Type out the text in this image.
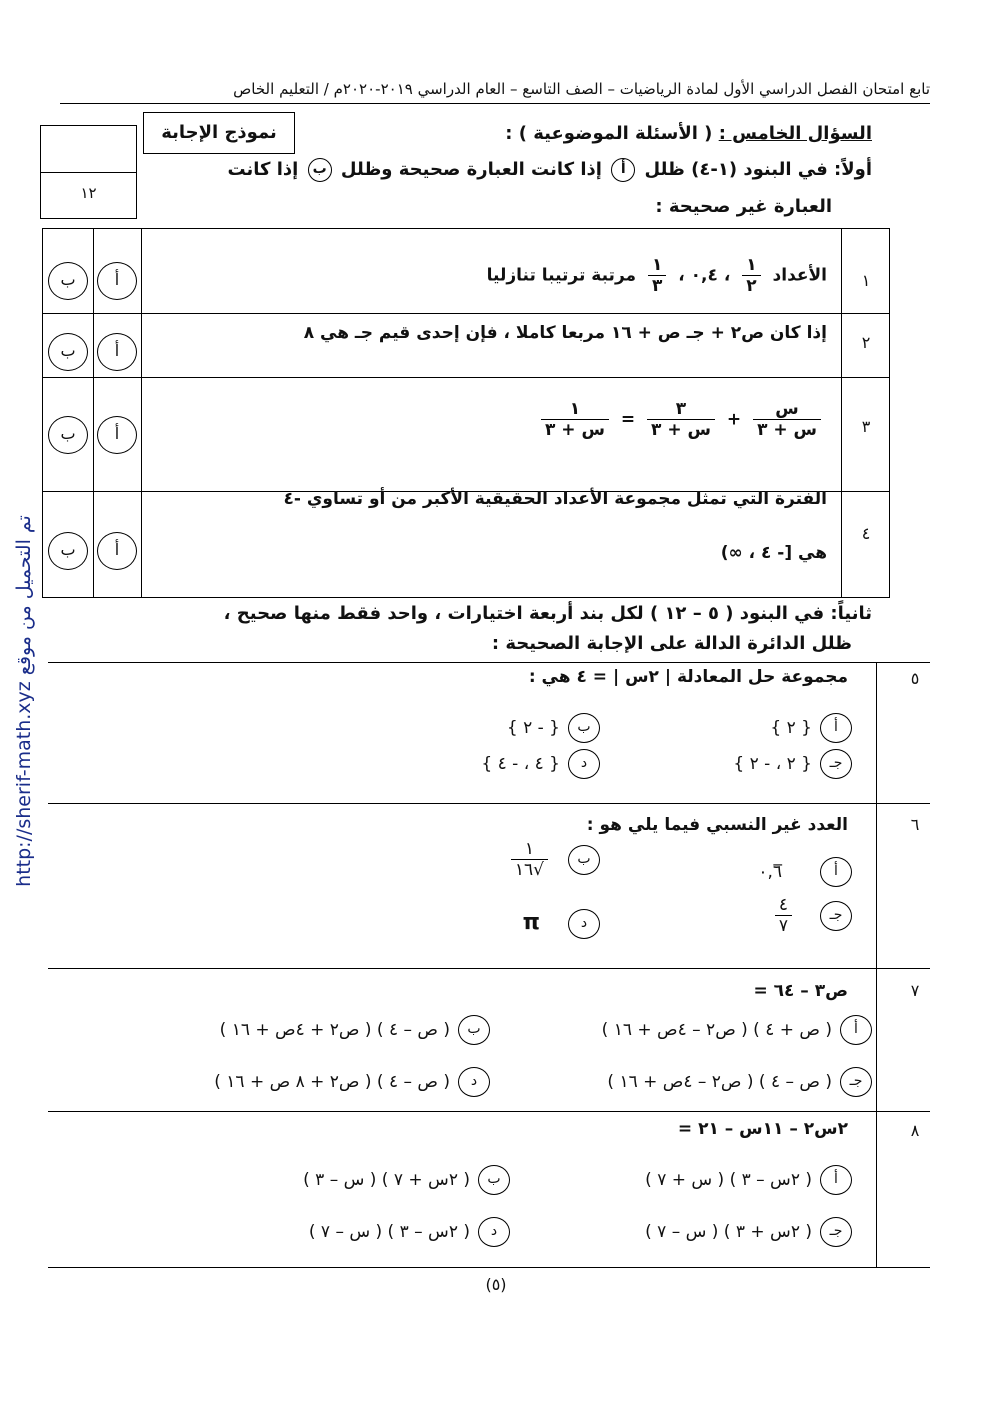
تابع امتحان الفصل الدراسي الأول لمادة الرياضيات – الصف التاسع – العام الدراسي ٢٠١٩-٢٠٢٠م / التعليم الخاص
١٢
نموذج الإجابة	السؤال الخامس : ( الأسئلة الموضوعية ) :
أولاً: في البنود (١-٤) ظلل أ إذا كانت العبارة صحيحة وظلل ب إذا كانت
العبارة غير صحيحة :
١
الأعداد
$\frac{١}{٢}$
، ٠,٤ ،
$\frac{١}{٣}$
مرتبة ترتيبا تنازليا
أ
ب
٢
إذا كان ص٢ + جـ ص + ١٦ مربعا كاملا ، فإن إحدى قيم جـ هي ٨
أ
ب
٣
$\frac{\text{س}}{\text{س + ٣}}$
+
$\frac{٣}{\text{س + ٣}}$
=
$\frac{١}{\text{س + ٣}}$
أ
ب
٤
الفترة التي تمثل مجموعة الأعداد الحقيقية الأكبر من أو تساوي -٤
هي [- ٤ ، ∞)
أ
ب
ثانياً: في البنود ( ٥ – ١٢ ) لكل بند أربعة اختيارات ، واحد فقط منها صحيح ،
ظلل الدائرة الدالة على الإجابة الصحيحة :
٥
مجموعة حل المعادلة | ٢س | = ٤ هي :
أ{ ٢ }
ب{ - ٢ }
جـ{ ٢ ، - ٢ }
د{ ٤ ، - ٤ }
٦
العدد غير النسبي فيما يلي هو :
أ٠,٦̅
ب
$\frac{١}{√١٦}$
جـ
$\frac{٤}{٧}$
دπ
٧
ص٣ – ٦٤ =
أ( ص + ٤ ) ( ص٢ – ٤ص + ١٦ )
ب( ص – ٤ ) ( ص٢ + ٤ص + ١٦ )
جـ( ص – ٤ ) ( ص٢ – ٤ص + ١٦ )
د( ص – ٤ ) ( ص٢ + ٨ ص + ١٦ )
٨
٢س٢ – ١١س – ٢١ =
أ( ٢س – ٣ ) ( س + ٧ )
ب( ٢س + ٧ ) ( س – ٣ )
جـ( ٢س + ٣ ) ( س – ٧ )
د( ٢س – ٣ ) ( س – ٧ )
http://sherif-math.xyz تم التحميل من موقع
(٥)
